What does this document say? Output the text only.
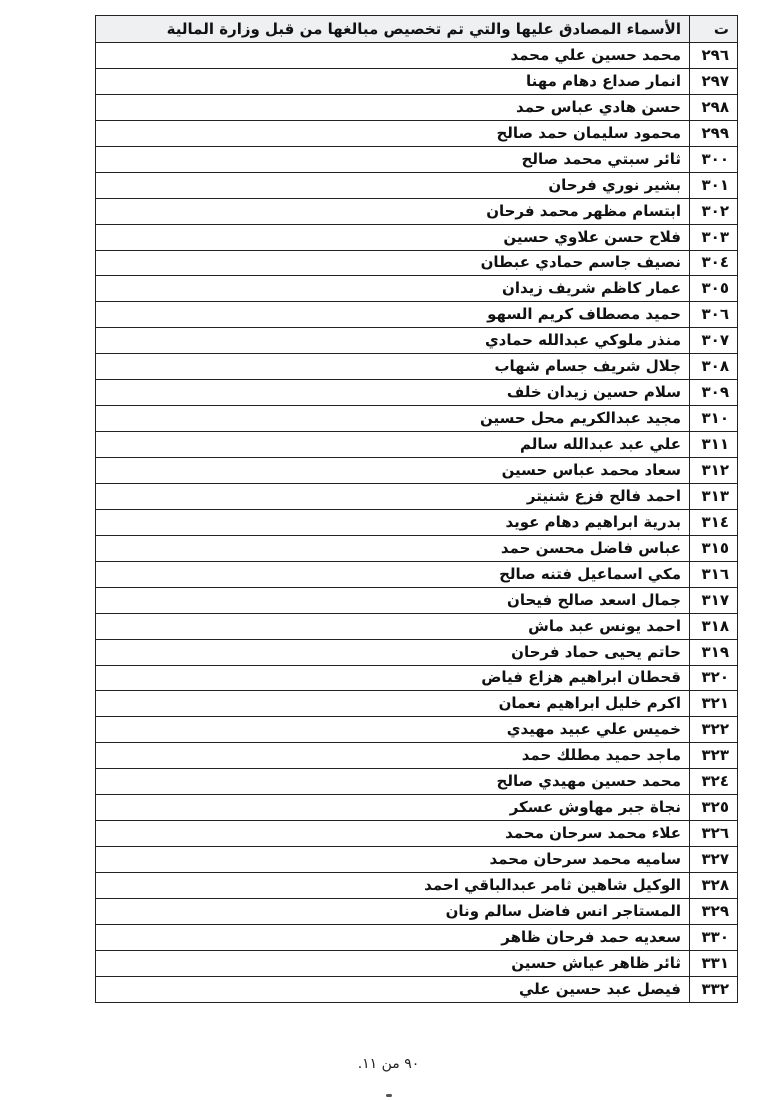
ت	الأسماء المصادق عليها والتي تم تخصيص مبالغها من قبل وزارة المالية
٢٩٦	محمد حسين علي محمد
٢٩٧	انمار صداع دهام مهنا
٢٩٨	حسن هادي عباس حمد
٢٩٩	محمود سليمان حمد صالح
٣٠٠	ثائر سبتي محمد صالح
٣٠١	بشير نوري فرحان
٣٠٢	ابتسام مظهر محمد فرحان
٣٠٣	فلاح حسن علاوي حسين
٣٠٤	نصيف جاسم حمادي عبطان
٣٠٥	عمار كاظم شريف زيدان
٣٠٦	حميد مصطاف كريم السهو
٣٠٧	منذر ملوكي عبدالله حمادي
٣٠٨	جلال شريف جسام شهاب
٣٠٩	سلام حسين زيدان خلف
٣١٠	مجيد عبدالكريم محل حسين
٣١١	علي عبد عبدالله سالم
٣١٢	سعاد محمد عباس حسين
٣١٣	احمد فالح فزع شنيتر
٣١٤	بدرية ابراهيم دهام عويد
٣١٥	عباس فاضل محسن حمد
٣١٦	مكي اسماعيل فتنه صالح
٣١٧	جمال اسعد صالح فيحان
٣١٨	احمد يونس عبد ماش
٣١٩	حاتم يحيى حماد فرحان
٣٢٠	قحطان ابراهيم هزاع فياض
٣٢١	اكرم خليل ابراهيم نعمان
٣٢٢	خميس علي عبيد مهيدي
٣٢٣	ماجد حميد مطلك حمد
٣٢٤	محمد حسين مهيدي صالح
٣٢٥	نجاة جبر مهاوش عسكر
٣٢٦	علاء محمد سرحان محمد
٣٢٧	ساميه محمد سرحان محمد
٣٢٨	الوكيل شاهين ثامر عبدالباقي احمد
٣٢٩	المستاجر انس فاضل سالم ونان
٣٣٠	سعديه حمد فرحان ظاهر
٣٣١	ثائر ظاهر عياش حسين
٣٣٢	فيصل عبد حسين علي
٩٠ من ١١.
